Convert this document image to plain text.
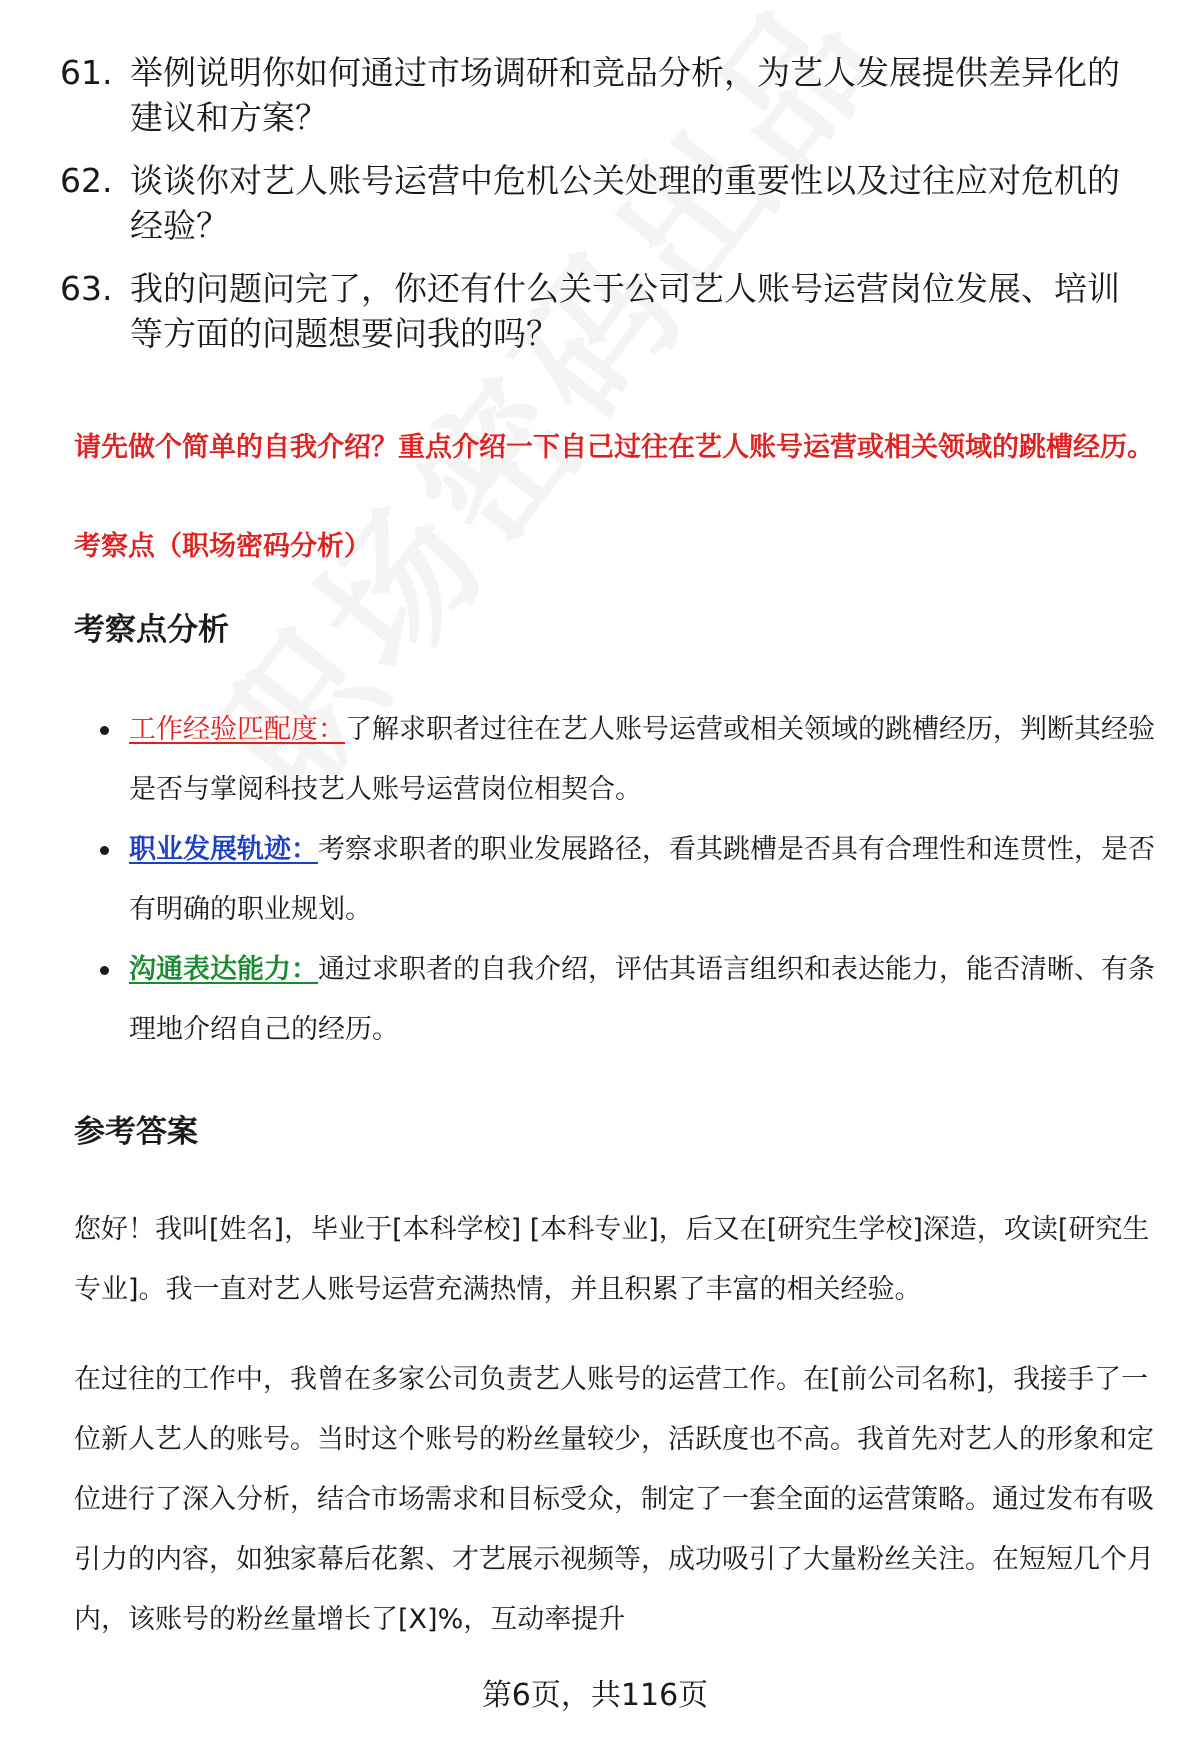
61. 举例说明你如何通过市场调研和竞品分析，为艺人发展提供差异化的建议和方案？
62. 谈谈你对艺人账号运营中危机公关处理的重要性以及过往应对危机的经验？
63. 我的问题问完了，你还有什么关于公司艺人账号运营岗位发展、培训等方面的问题想要问我的吗？
请先做个简单的自我介绍？重点介绍一下自己过往在艺人账号运营或相关领域的跳槽经历。
考察点（职场密码分析）
考察点分析
工作经验匹配度：了解求职者过往在艺人账号运营或相关领域的跳槽经历，判断其经验是否与掌阅科技艺人账号运营岗位相契合。
职业发展轨迹：考察求职者的职业发展路径，看其跳槽是否具有合理性和连贯性，是否有明确的职业规划。
沟通表达能力：通过求职者的自我介绍，评估其语言组织和表达能力，能否清晰、有条理地介绍自己的经历。
参考答案
您好！我叫[姓名]，毕业于[本科学校] [本科专业]，后又在[研究生学校]深造，攻读[研究生专业]。我一直对艺人账号运营充满热情，并且积累了丰富的相关经验。
在过往的工作中，我曾在多家公司负责艺人账号的运营工作。在[前公司名称]，我接手了一位新人艺人的账号。当时这个账号的粉丝量较少，活跃度也不高。我首先对艺人的形象和定位进行了深入分析，结合市场需求和目标受众，制定了一套全面的运营策略。通过发布有吸引力的内容，如独家幕后花絮、才艺展示视频等，成功吸引了大量粉丝关注。在短短几个月内，该账号的粉丝量增长了[X]%，互动率提升
第6页，共116页
